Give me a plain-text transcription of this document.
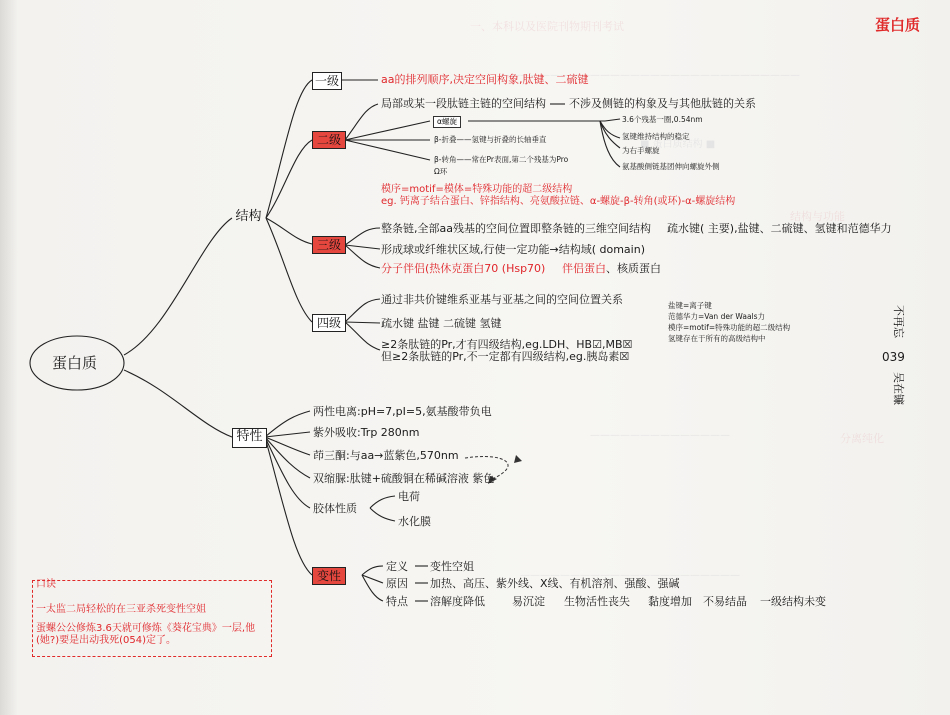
一、本科以及医院刊物期刊考试
——————————————————————————————
■ 蛋白质结构 ■
结构与功能
分离纯化
——————————————
——————————————————————
蛋白质
蛋白质
结构
一级	aa的排列顺序,决定空间构象,肽键、二硫键
二级
局部或某一段肽链主链的空间结构 不涉及侧链的构象及与其他肽链的关系
α螺旋	3.6个残基一圈,0.54nm
氢键维持结构的稳定
为右手螺旋
氨基酸侧链基团伸向螺旋外侧
β-折叠——氢键与折叠的长轴垂直
β-转角——常在Pr表面,第二个残基为Pro
Ω环
模序=motif=模体=特殊功能的超二级结构
eg. 钙离子结合蛋白、锌指结构、亮氨酸拉链、α-螺旋-β-转角(或环)-α-螺旋结构
三级
整条链,全部aa残基的空间位置即整条链的三维空间结构 疏水键( 主要),盐键、二硫键、氢键和范德华力
形成球或纤维状区域,行使一定功能→结构域( domain)
分子伴侣(热休克蛋白70 (Hsp70) 伴侣蛋白、核质蛋白
四级
通过非共价键维系亚基与亚基之间的空间位置关系
疏水键 盐键 二硫键 氢键
≥2条肽链的Pr,才有四级结构,eg.LDH、HB☑,MB☒
但≥2条肽链的Pr,不一定都有四级结构,eg.胰岛素☒
盐键=离子键
范德华力=Van der Waals力
模序=motif=特殊功能的超二级结构
氢键存在于所有的高级结构中
特性
两性电离:pH=7,pI=5,氨基酸带负电
紫外吸收:Trp 280nm
茚三酮:与aa→蓝紫色,570nm
双缩脲:肽键+硫酸铜在稀碱溶液 紫色
胶体性质
电荷
水化膜
变性
定义 变性空姐
原因 加热、高压、紫外线、X线、有机溶剂、强酸、强碱
特点 溶解度降低 易沉淀 生物活性丧失 黏度增加 不易结晶 一级结构未变
口诀
一太监二局轻松的在三亚杀死变性空姐
蛋螺公公修炼3.6天就可修炼《葵花宝典》一层,他
(她?)要是出动我死(054)定了。
不再忘
039
吴在镰
